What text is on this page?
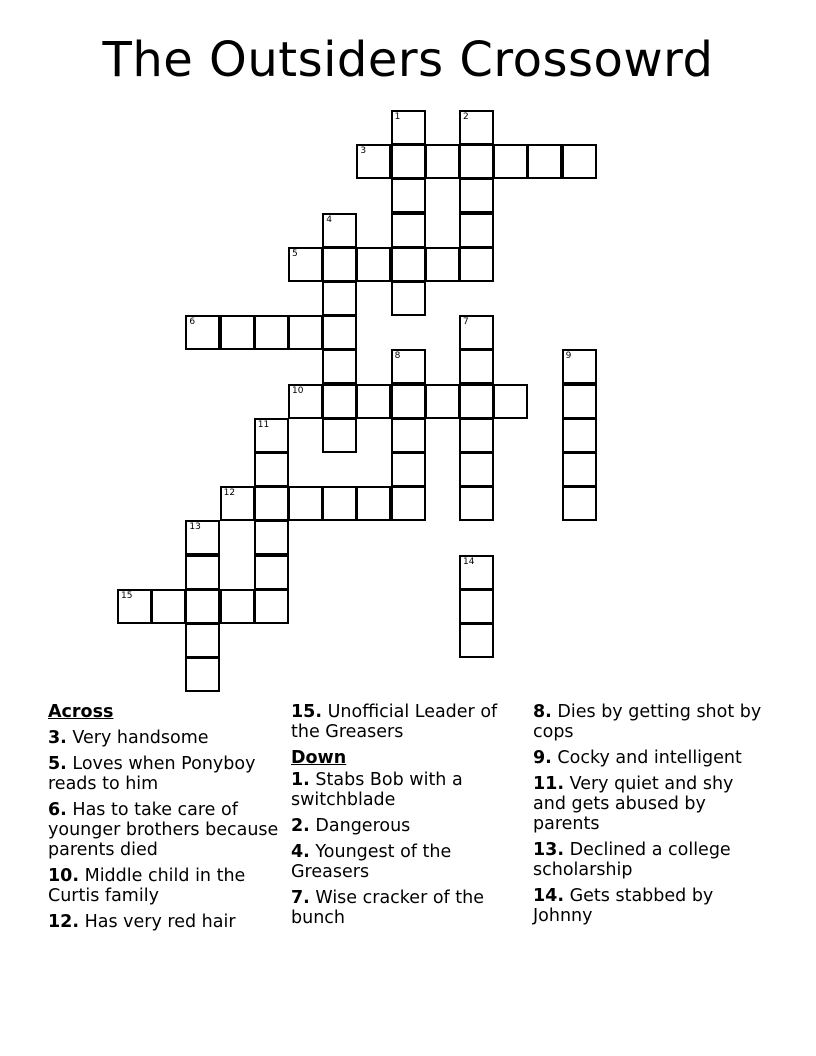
The Outsiders Crossowrd
1	2
3
4
5
6	7
8	9
10
11
12
13
14
15
Across
3. Very handsome
5. Loves when Ponyboy reads to him
6. Has to take care of younger brothers because parents died
10. Middle child in the Curtis family
12. Has very red hair
15. Unofficial Leader of the Greasers
Down
1. Stabs Bob with a switchblade
2. Dangerous
4. Youngest of the Greasers
7. Wise cracker of the bunch
8. Dies by getting shot by cops
9. Cocky and intelligent
11. Very quiet and shy and gets abused by parents
13. Declined a college scholarship
14. Gets stabbed by Johnny
